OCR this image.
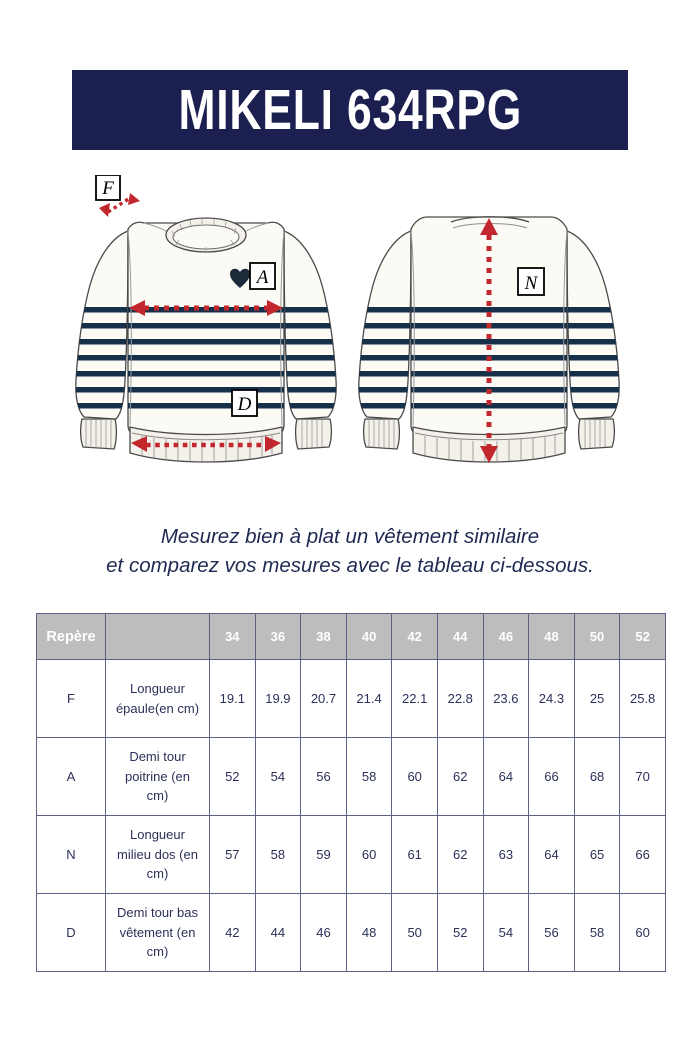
MIKELI 634RPG
F
A
D
N
Mesurez bien à plat un vêtement similaire
et comparez vos mesures avec le tableau ci-dessous.
Repère		34	36	38	40	42	44	46	48	50	52
F	Longueur épaule(en cm)	19.1	19.9	20.7	21.4	22.1	22.8	23.6	24.3	25	25.8
A	Demi tour poitrine (en cm)	52	54	56	58	60	62	64	66	68	70
N	Longueur milieu dos (en cm)	57	58	59	60	61	62	63	64	65	66
D	Demi tour bas vêtement (en cm)	42	44	46	48	50	52	54	56	58	60
